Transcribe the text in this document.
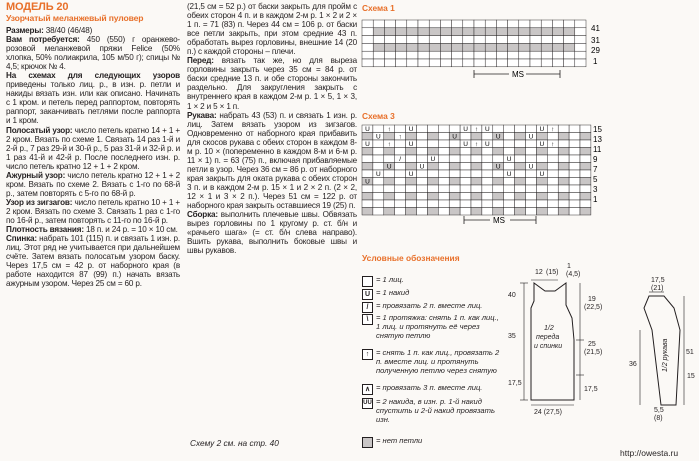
МОДЕЛЬ 20
Узорчатый меланжевый пуловер

Размеры: 38/40 (46/48)

Вам потребуется: 450 (550) г оранжево-розовой меланжевой пряжи Felice (50% хлопка, 50% полиакрила, 105 м/50 г); спицы № 4,5; крючок № 4.

На схемах для следующих узоров приведены только лиц. р., в изн. р. петли и накиды вязать изн. или как описано. Начинать с 1 кром. и петель перед раппортом, повторять раппорт, заканчивать петлями после раппорта и 1 кром.

Полосатый узор: число петель кратно 14 + 1 + 2 кром. Вязать по схеме 1. Связать 14 раз 1-й и 2-й р., 7 раз 29-й и 30-й р., 5 раз 31-й и 32-й р. и 1 раз 41-й и 42-й р. После последнего изн. р. число петель кратно 12 + 1 + 2 кром.

Ажурный узор: число петель кратно 12 + 1 + 2 кром. Вязать по схеме 2. Вязать с 1-го по 68-й р., затем повторять с 5-го по 68-й р.

Узор из зигзагов: число петель кратно 10 + 1 + 2 кром. Вязать по схеме 3. Связать 1 раз с 1-го по 16-й р., затем повторять с 11-го по 16-й р.

Плотность вязания: 18 п. и 24 р. = 10 × 10 см.

Спинка: набрать 101 (115) п. и связать 1 изн. р. лиц. Этот ряд не учитывается при дальнейшем счёте. Затем вязать полосатым узором баску. Через 17,5 см = 42 р. от наборного края (в работе находится 87 (99) п.) начать вязать ажурным узором. Через 25 см = 60 р.

(21,5 см = 52 р.) от баски закрыть для пройм с обеих сторон 4 п. и в каждом 2-м р. 1 × 2 и 2 × 1 п. = 71 (83) п. Через 44 см = 106 р. от баски все петли закрыть, при этом средние 43 п. обработать вырез горловины, внешние 14 (20 п.) с каждой стороны – плечи.

Перед: вязать так же, но для выреза горловины закрыть через 35 см = 84 р. от баски средние 13 п. и обе стороны закончить раздельно. Для закругления закрыть с внутреннего края в каждом 2-м р. 1 × 5, 1 × 3, 1 × 2 и 5 × 1 п.

Рукава: набрать 43 (53) п. и связать 1 изн. р. лиц. Затем вязать узором из зигзагов. Одновременно от наборного края прибавить для скосов рукава с обеих сторон в каждом 8-м р. 10 × (попеременно в каждом 8-м и 6-м р. 11 × 1) п. = 63 (75) п., включая прибавляемые петли в узор. Через 36 см = 86 р. от наборного края закрыть для оката рукава с обеих сторон 3 п. и в каждом 2-м р. 15 × 1 и 2 × 2 п. (2 × 2, 12 × 1 и 3 × 2 п.). Через 51 см = 122 р. от наборного края закрыть оставшиеся 19 (25) п.

Сборка: выполнить плечевые швы. Обвязать вырез горловины по 1 кругому р. ст. б/н и «рачьего шага» (= ст. б/н слева направо). Вшить рукава, выполнить боковые швы и швы рукавов.

Схему 2 см. на стр. 40
Схема 1
Схема 3
Условные обозначения
41
31
29
1
MS
U	↑	U	U ↑ U	U ↑
U	↑	U	U	U
U	↑	U	U ↑ U	U ↑
/	U	U
U	U	U	U
U	U	U	U
U
15
13
11
9
7
5
3
1
MS
12 (15)
1
(4,5)
1/2
переда
и спинки
19
(22,5)
35
40
25
(21,5)
17,5
17,5
24 (27,5)
17,5
(21)
36
51
15
5,5
(8)
1/2 рукава
= 1 лиц.
U = 1 накид
/ = провязать 2 п. вместе лиц.
\ = 1 протяжка: снять 1 п. как лиц., 1 лиц. и протянуть её через снятую петлю
↑ = снять 1 п. как лиц., провязать 2 п. вместе лиц. и протянуть полученную петлю через снятую
∧ = провязать 3 п. вместе лиц.
UU = 2 накида, в изн. р. 1-й накид спустить и 2-й накид провязать изн.
= нет петли
http://owesta.ru
